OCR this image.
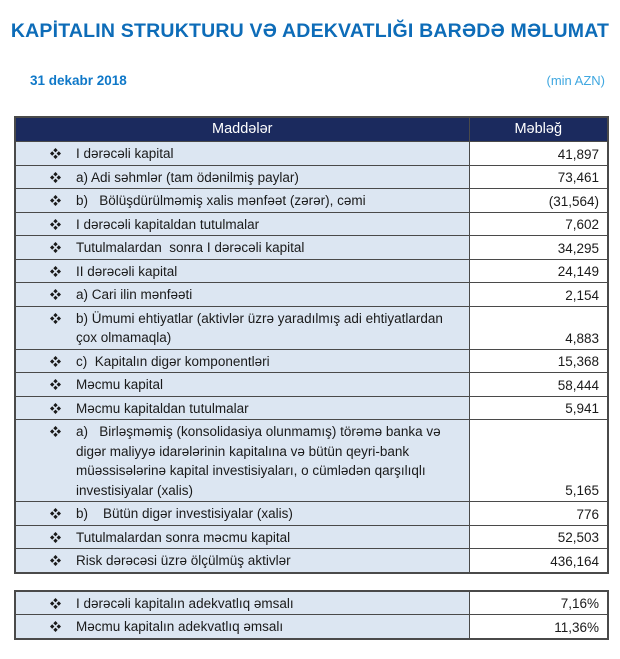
KAPİTALIN STRUKTURU VƏ ADEKVATLIĞI BARƏDƏ MƏLUMAT
31 dekabr 2018	(min AZN)
Maddələr	Məbləğ

I dərəcəli kapital	41,897

a) Adi səhmlər (tam ödənilmiş paylar)	73,461

b)   Bölüşdürülməmiş xalis mənfəət (zərər), cəmi	(31,564)

I dərəcəli kapitaldan tutulmalar	7,602

Tutulmalardan  sonra I dərəcəli kapital	34,295

II dərəcəli kapital	24,149

a) Cari ilin mənfəəti	2,154

b) Ümumi ehtiyatlar (aktivlər üzrə yaradılmış adi ehtiyatlardan çox olmamaqla)	4,883

c)  Kapitalın digər komponentləri	15,368

Məcmu kapital	58,444

Məcmu kapitaldan tutulmalar	5,941

a)   Birləşməmiş (konsolidasiya olunmamış) törəmə banka və digər maliyyə idarələrinin kapitalına və bütün qeyri-bank müəssisələrinə kapital investisiyaları, o cümlədən qarşılıqlı investisiyalar (xalis)	5,165

b)    Bütün digər investisiyalar (xalis)	776

Tutulmalardan sonra məcmu kapital	52,503

Risk dərəcəsi üzrə ölçülmüş aktivlər	436,164
I dərəcəli kapitalın adekvatlıq əmsalı	7,16%

Məcmu kapitalın adekvatlıq əmsalı	11,36%
